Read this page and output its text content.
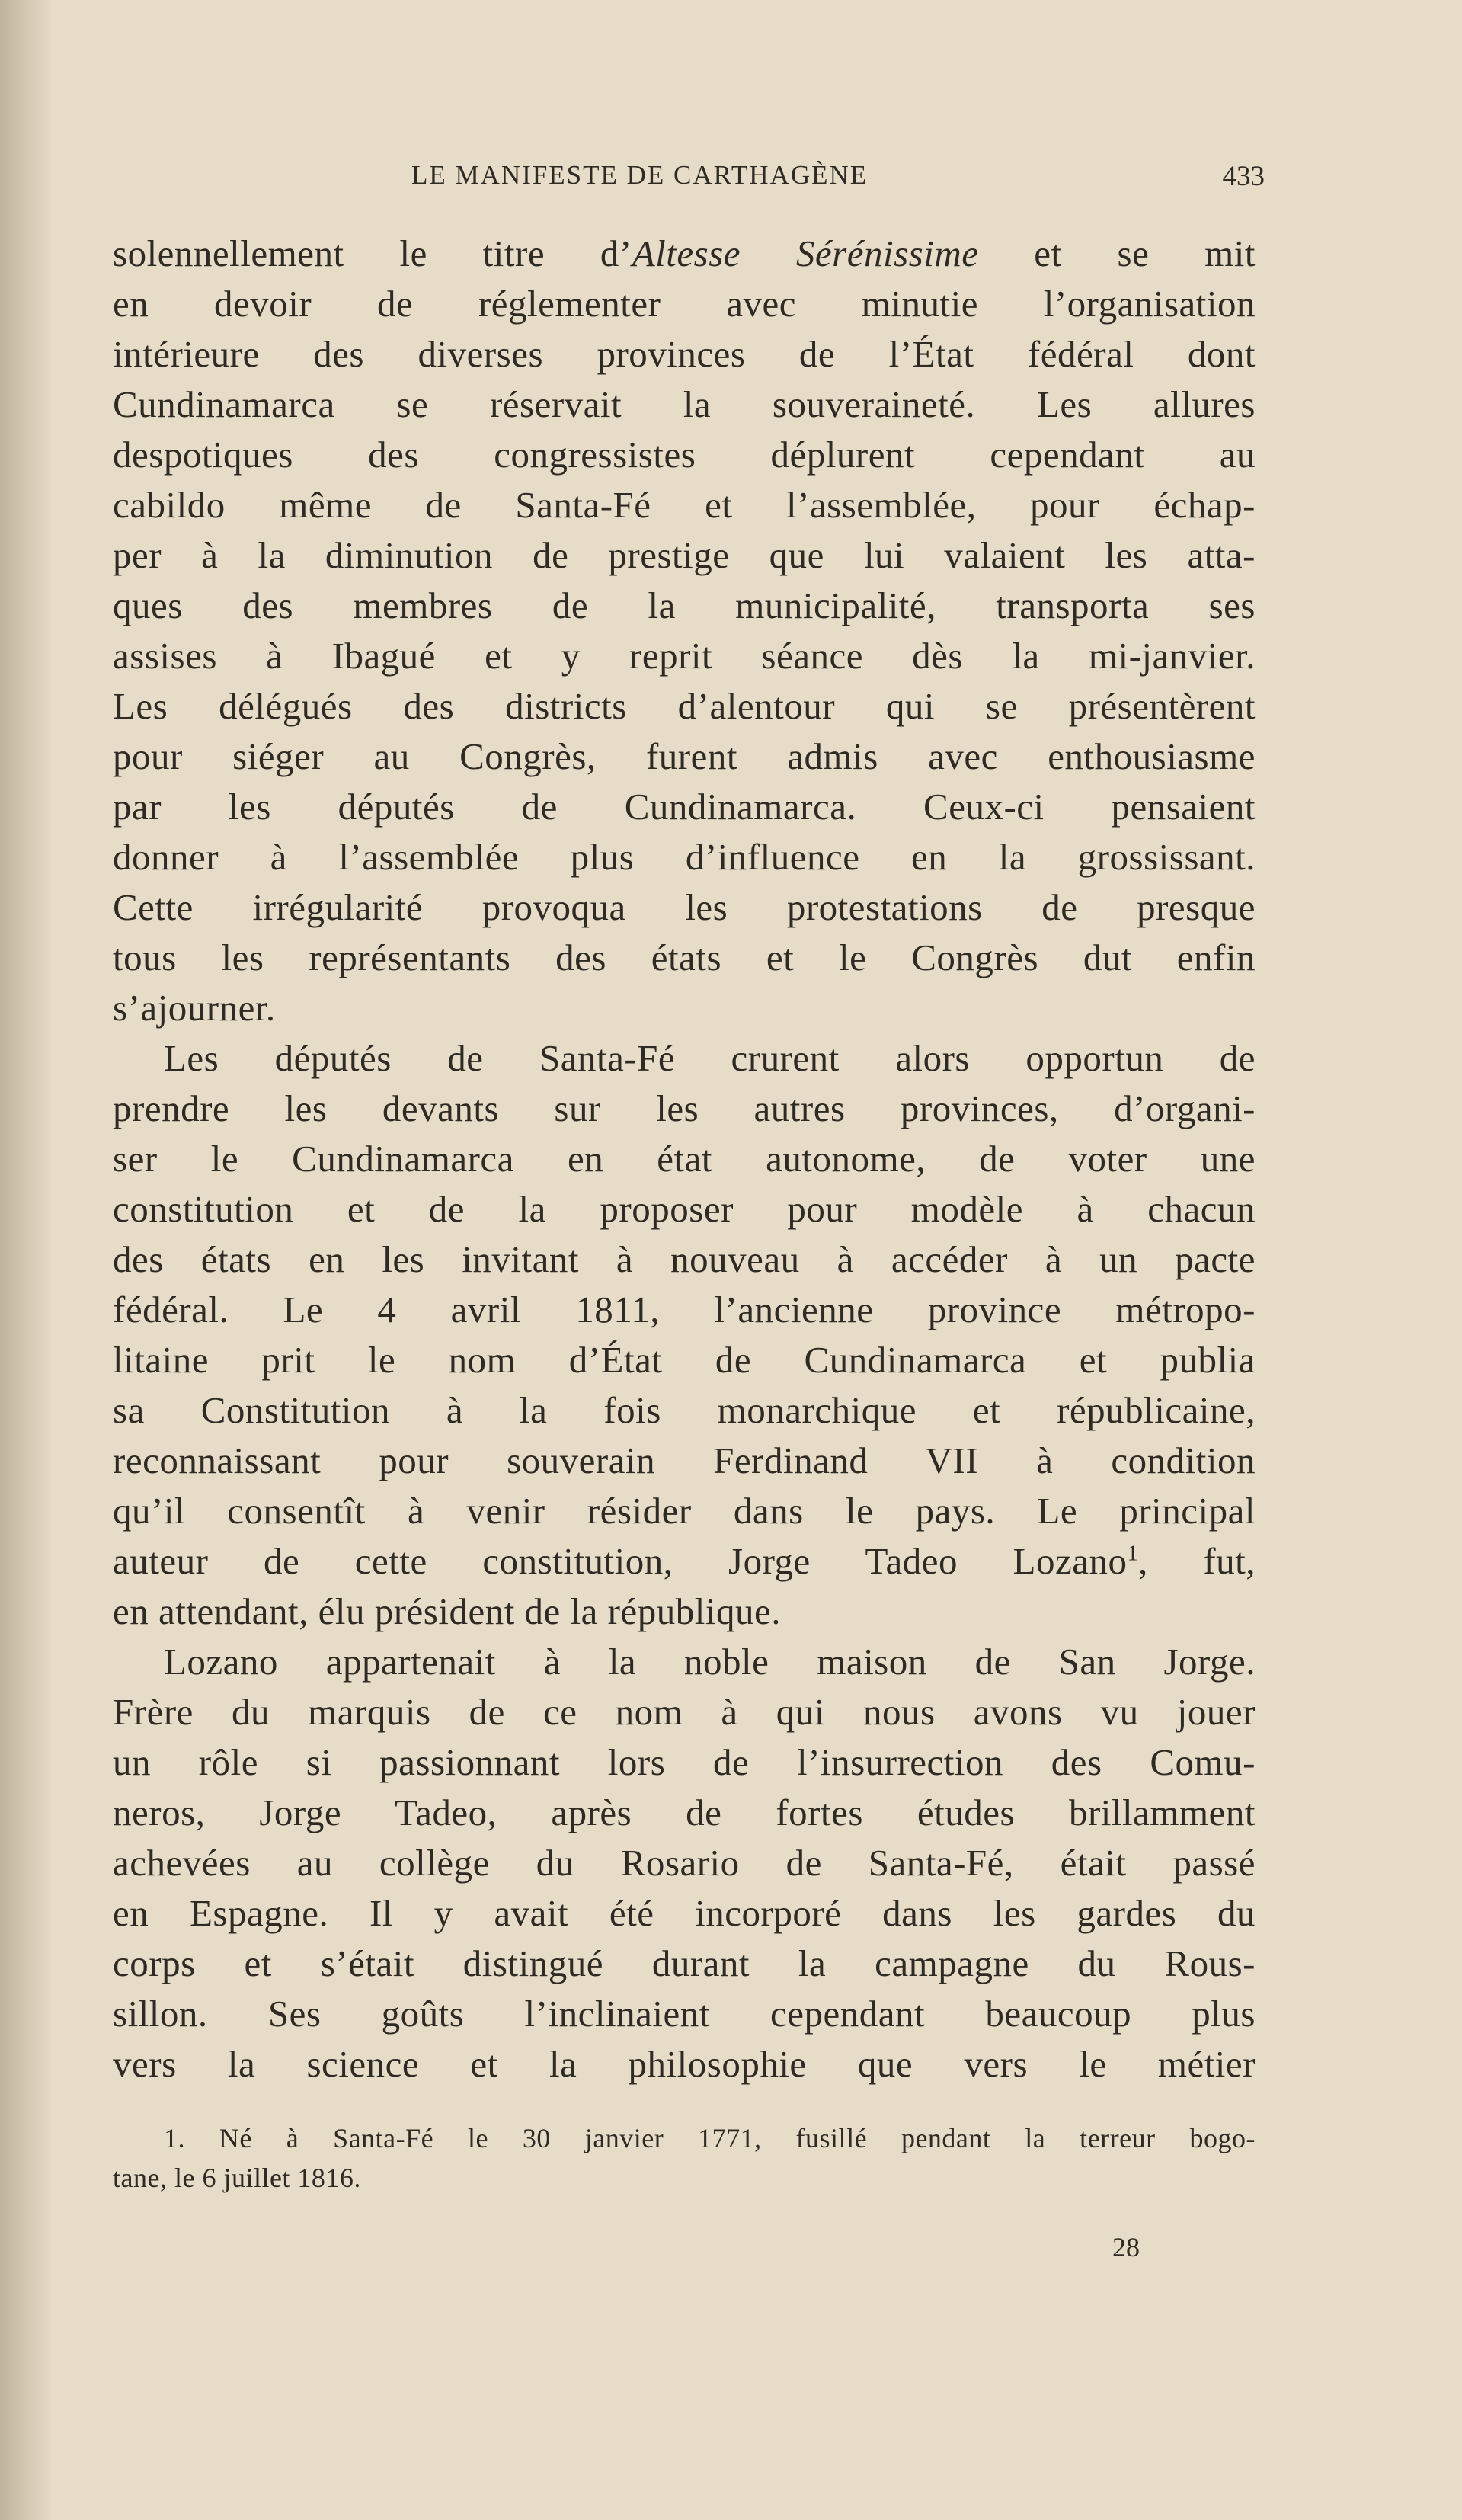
LE MANIFESTE DE CARTHAGÈNE	433
solennellement le titre d’Altesse Sérénissime et se mit
en devoir de réglementer avec minutie l’organisation
intérieure des diverses provinces de l’État fédéral dont
Cundinamarca se réservait la souveraineté. Les allures
despotiques des congressistes déplurent cependant au
cabildo même de Santa-Fé et l’assemblée, pour échap-
per à la diminution de prestige que lui valaient les atta-
ques des membres de la municipalité, transporta ses
assises à Ibagué et y reprit séance dès la mi-janvier.
Les délégués des districts d’alentour qui se présentèrent
pour siéger au Congrès, furent admis avec enthousiasme
par les députés de Cundinamarca. Ceux-ci pensaient
donner à l’assemblée plus d’influence en la grossissant.
Cette irrégularité provoqua les protestations de presque
tous les représentants des états et le Congrès dut enfin
s’ajourner.
Les députés de Santa-Fé crurent alors opportun de
prendre les devants sur les autres provinces, d’organi-
ser le Cundinamarca en état autonome, de voter une
constitution et de la proposer pour modèle à chacun
des états en les invitant à nouveau à accéder à un pacte
fédéral. Le 4 avril 1811, l’ancienne province métropo-
litaine prit le nom d’État de Cundinamarca et publia
sa Constitution à la fois monarchique et républicaine,
reconnaissant pour souverain Ferdinand VII à condition
qu’il consentît à venir résider dans le pays. Le principal
auteur de cette constitution, Jorge Tadeo Lozano$^1$, fut,
en attendant, élu président de la république.
Lozano appartenait à la noble maison de San Jorge.
Frère du marquis de ce nom à qui nous avons vu jouer
un rôle si passionnant lors de l’insurrection des Comu-
neros, Jorge Tadeo, après de fortes études brillamment
achevées au collège du Rosario de Santa-Fé, était passé
en Espagne. Il y avait été incorporé dans les gardes du
corps et s’était distingué durant la campagne du Rous-
sillon. Ses goûts l’inclinaient cependant beaucoup plus
vers la science et la philosophie que vers le métier
1. Né à Santa-Fé le 30 janvier 1771, fusillé pendant la terreur bogo-
tane, le 6 juillet 1816.
28
